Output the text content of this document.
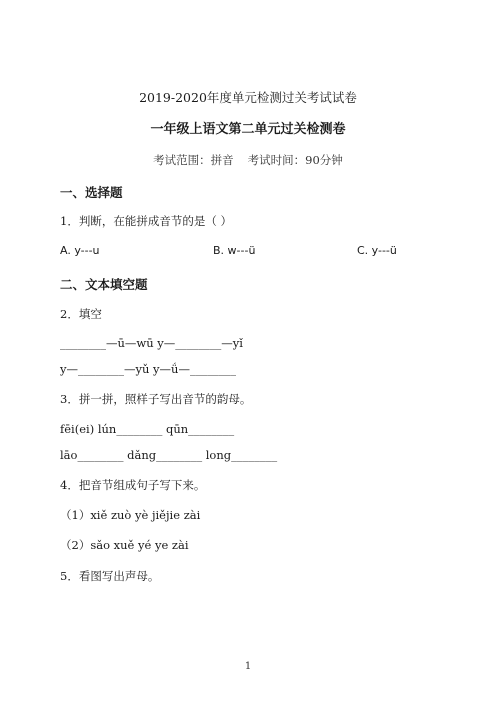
2019-2020年度单元检测过关考试试卷
一年级上语文第二单元过关检测卷
考试范围：拼音 考试时间：90分钟
一、选择题
1．判断，在能拼成音节的是（ ）
A. y---u	B. w---ü	C. y---ü
二、文本填空题
2．填空
________—ū—wū y—________—yǐ
y—________—yǔ y—ǘ—________
3．拼一拼，照样子写出音节的韵母。
fēi(ei) lún________ qūn________
lāo________ dǎng________ long________
4．把音节组成句子写下来。
（1）xiě zuò yè jiějie zài
（2）sǎo xuě yé ye zài
5．看图写出声母。
1
